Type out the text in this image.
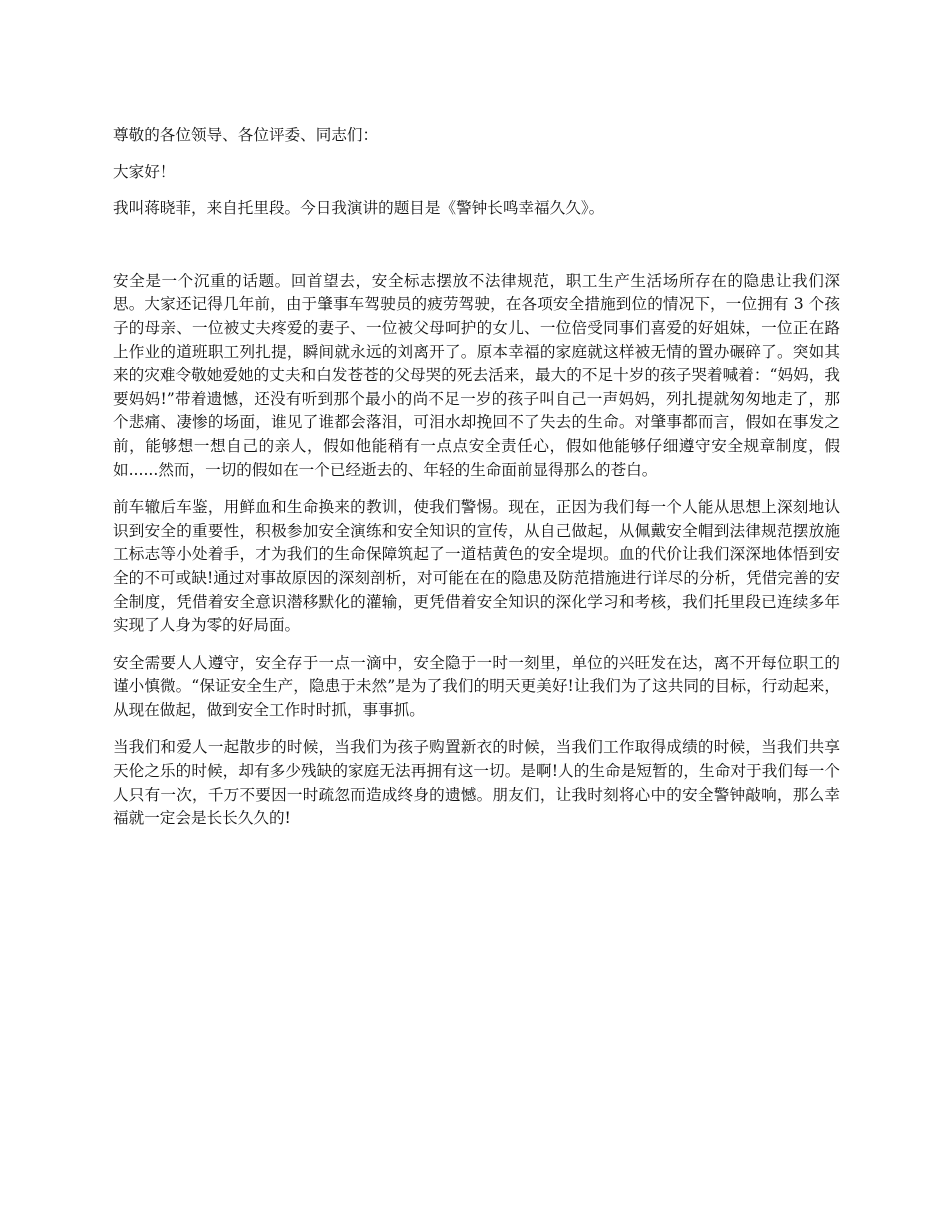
尊敬的各位领导、各位评委、同志们：

大家好！

我叫蒋晓菲，来自托里段。今日我演讲的题目是《警钟长鸣幸福久久》。

安全是一个沉重的话题。回首望去，安全标志摆放不法律规范，职工生产生活场所存在的隐患让我们深思。大家还记得几年前，由于肇事车驾驶员的疲劳驾驶，在各项安全措施到位的情况下，一位拥有 3 个孩子的母亲、一位被丈夫疼爱的妻子、一位被父母呵护的女儿、一位倍受同事们喜爱的好姐妹，一位正在路上作业的道班职工列扎提，瞬间就永远的刘离开了。原本幸福的家庭就这样被无情的置办碾碎了。突如其来的灾难令敬她爱她的丈夫和白发苍苍的父母哭的死去活来，最大的不足十岁的孩子哭着喊着：“妈妈，我要妈妈!”带着遗憾，还没有听到那个最小的尚不足一岁的孩子叫自己一声妈妈，列扎提就匆匆地走了，那个悲痛、凄惨的场面，谁见了谁都会落泪，可泪水却挽回不了失去的生命。对肇事都而言，假如在事发之前，能够想一想自己的亲人，假如他能稍有一点点安全责任心，假如他能够仔细遵守安全规章制度，假如......然而，一切的假如在一个已经逝去的、年轻的生命面前显得那么的苍白。

前车辙后车鉴，用鲜血和生命换来的教训，使我们警惕。现在，正因为我们每一个人能从思想上深刻地认识到安全的重要性，积极参加安全演练和安全知识的宣传，从自己做起，从佩戴安全帽到法律规范摆放施工标志等小处着手，才为我们的生命保障筑起了一道桔黄色的安全堤坝。血的代价让我们深深地体悟到安全的不可或缺!通过对事故原因的深刻剖析，对可能在在的隐患及防范措施进行详尽的分析，凭借完善的安全制度，凭借着安全意识潜移默化的灌输，更凭借着安全知识的深化学习和考核，我们托里段已连续多年实现了人身为零的好局面。

安全需要人人遵守，安全存于一点一滴中，安全隐于一时一刻里，单位的兴旺发在达，离不开每位职工的谨小慎微。“保证安全生产，隐患于未然”是为了我们的明天更美好!让我们为了这共同的目标，行动起来，从现在做起，做到安全工作时时抓，事事抓。

当我们和爱人一起散步的时候，当我们为孩子购置新衣的时候，当我们工作取得成绩的时候，当我们共享天伦之乐的时候，却有多少残缺的家庭无法再拥有这一切。是啊!人的生命是短暂的，生命对于我们每一个人只有一次，千万不要因一时疏忽而造成终身的遗憾。朋友们，让我时刻将心中的安全警钟敲响，那么幸福就一定会是长长久久的!
